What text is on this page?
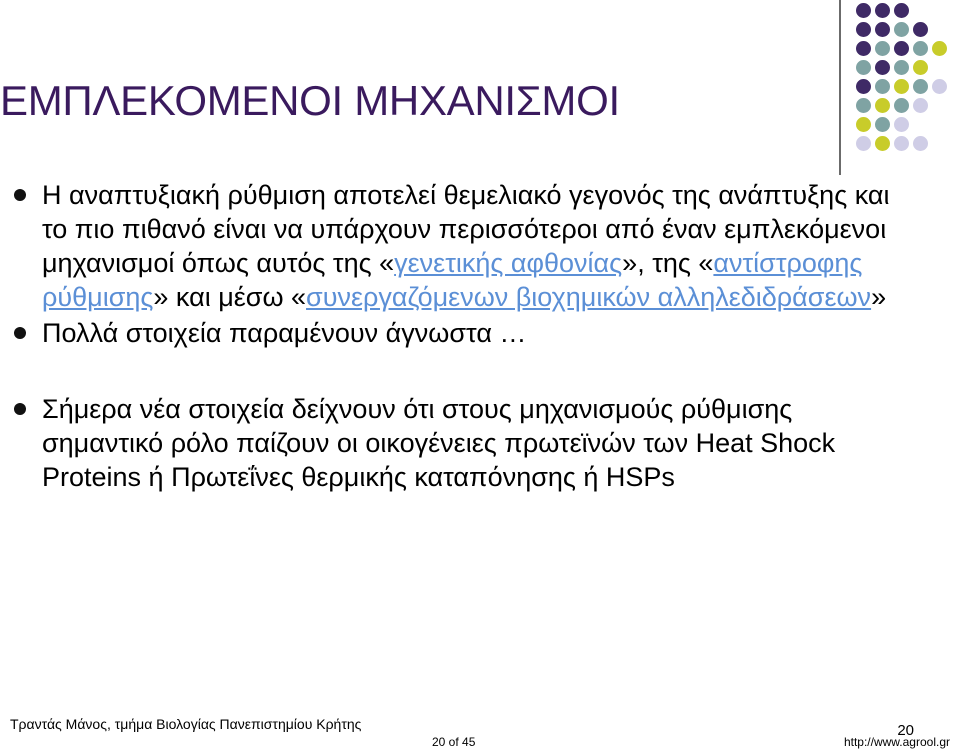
ΕΜΠΛΕΚΟΜΕΝΟΙ ΜΗΧΑΝΙΣΜΟΙ
Η αναπτυξιακή ρύθμιση αποτελεί θεμελιακό γεγονός της ανάπτυξης και το πιο πιθανό είναι να υπάρχουν περισσότεροι από έναν εμπλεκόμενοι μηχανισμοί όπως αυτός της «γενετικής αφθονίας», της «αντίστροφης ρύθμισης» και μέσω «συνεργαζόμενων βιοχημικών αλληλεδιδράσεων»
Πολλά στοιχεία παραμένουν άγνωστα …
Σήμερα νέα στοιχεία δείχνουν ότι στους μηχανισμούς ρύθμισης σημαντικό ρόλο παίζουν οι οικογένειες πρωτεϊνών των Heat Shock Proteins ή Πρωτεΐνες θερμικής καταπόνησης ή HSPs
20
Τραντάς Μάνος, τμήμα Βιολογίας Πανεπιστημίου Κρήτης
20 of 45	http://www.agrool.gr
